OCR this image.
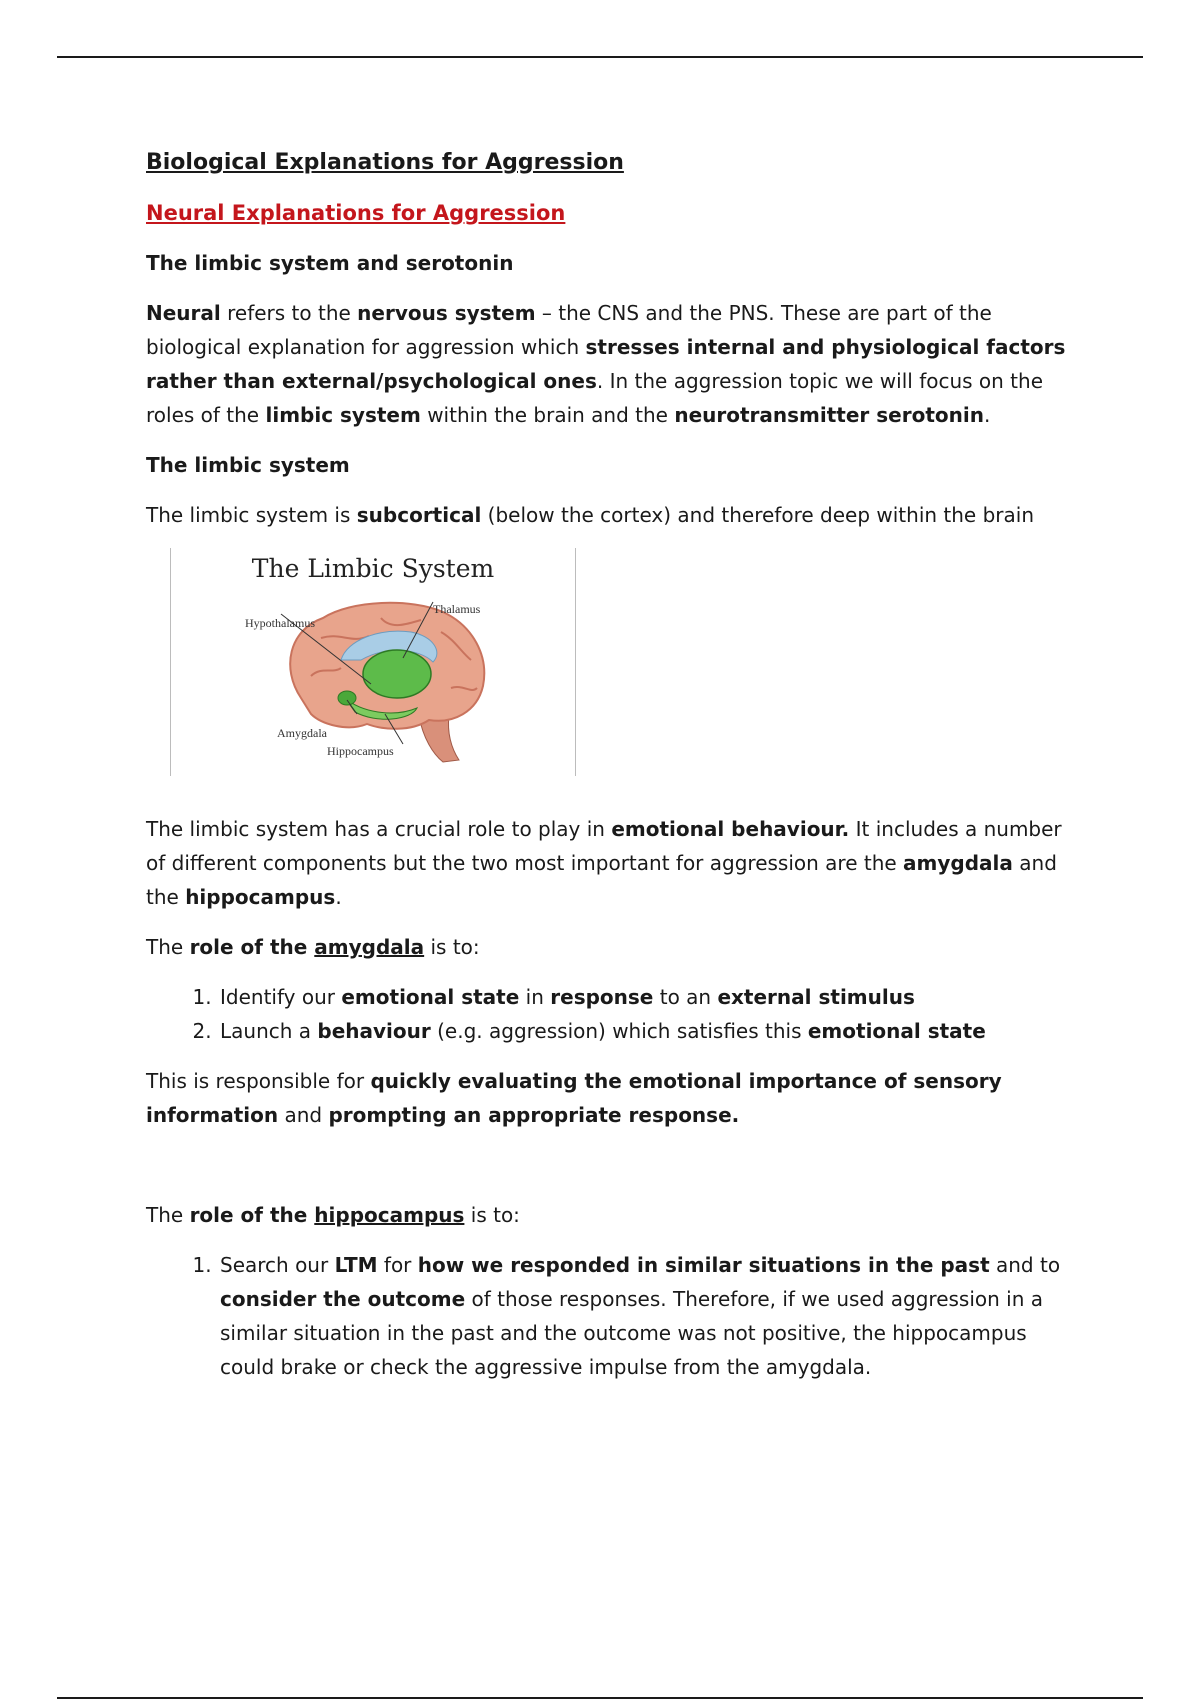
Biological Explanations for Aggression

Neural Explanations for Aggression

The limbic system and serotonin

Neural refers to the nervous system – the CNS and the PNS. These are part of the biological explanation for aggression which stresses internal and physiological factors rather than external/psychological ones. In the aggression topic we will focus on the roles of the limbic system within the brain and the neurotransmitter serotonin.

The limbic system

The limbic system is subcortical (below the cortex) and therefore deep within the brain

The Limbic System
Hypothalamus
Thalamus
Amygdala
Hippocampus

The limbic system has a crucial role to play in emotional behaviour. It includes a number of different components but the two most important for aggression are the amygdala and the hippocampus.

The role of the amygdala is to:

1. Identify our emotional state in response to an external stimulus
2. Launch a behaviour (e.g. aggression) which satisfies this emotional state

This is responsible for quickly evaluating the emotional importance of sensory information and prompting an appropriate response.

The role of the hippocampus is to:

1. Search our LTM for how we responded in similar situations in the past and to consider the outcome of those responses. Therefore, if we used aggression in a similar situation in the past and the outcome was not positive, the hippocampus could brake or check the aggressive impulse from the amygdala.
